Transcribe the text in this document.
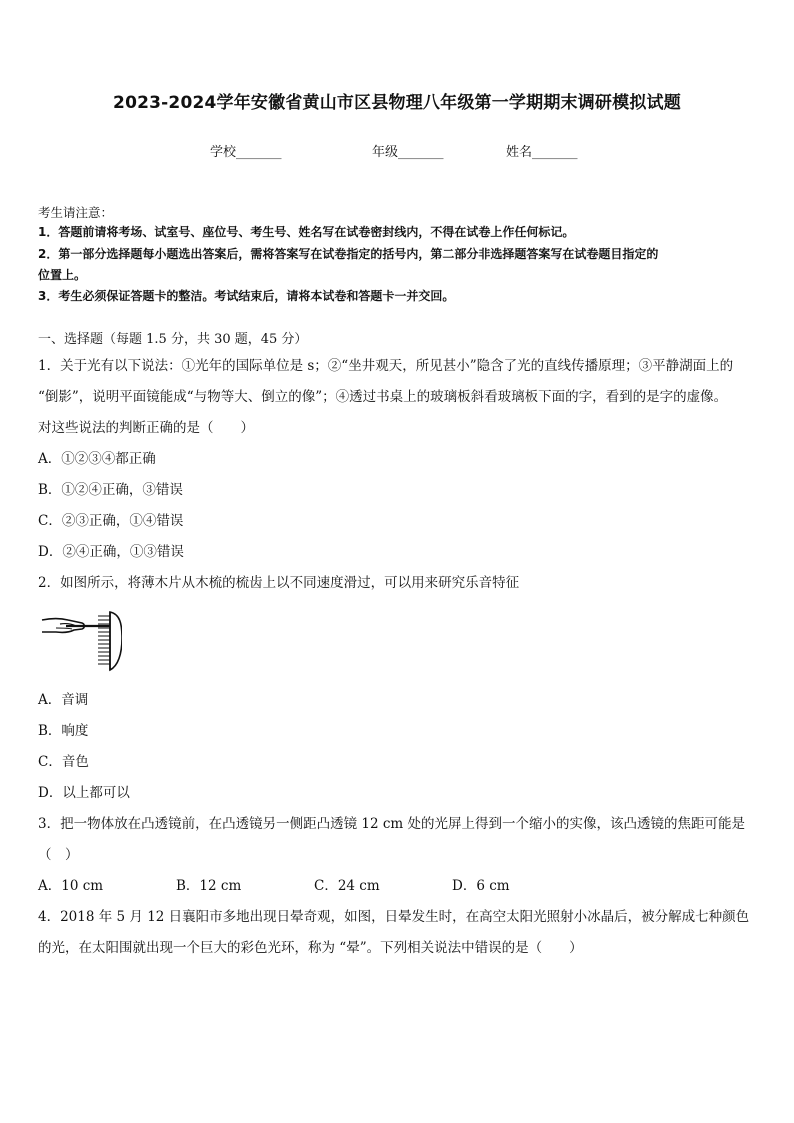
2023-2024学年安徽省黄山市区县物理八年级第一学期期末调研模拟试题
学校_______	年级_______	姓名_______
考生请注意：
1．答题前请将考场、试室号、座位号、考生号、姓名写在试卷密封线内，不得在试卷上作任何标记。
2．第一部分选择题每小题选出答案后，需将答案写在试卷指定的括号内，第二部分非选择题答案写在试卷题目指定的
位置上。
3．考生必须保证答题卡的整洁。考试结束后，请将本试卷和答题卡一并交回。
一、选择题（每题 1.5 分，共 30 题，45 分）
1．关于光有以下说法：①光年的国际单位是 s；②“坐井观天，所见甚小”隐含了光的直线传播原理；③平静湖面上的
“倒影”，说明平面镜能成“与物等大、倒立的像”；④透过书桌上的玻璃板斜看玻璃板下面的字，看到的是字的虚像。
对这些说法的判断正确的是（　　）
A．①②③④都正确
B．①②④正确，③错误
C．②③正确，①④错误
D．②④正确，①③错误
2．如图所示，将薄木片从木梳的梳齿上以不同速度滑过，可以用来研究乐音特征
A．音调
B．响度
C．音色
D．以上都可以
3．把一物体放在凸透镜前，在凸透镜另一侧距凸透镜 12 cm 处的光屏上得到一个缩小的实像，该凸透镜的焦距可能是
（　）
A．10 cm	B．12 cm	C．24 cm	D．6 cm
4．2018 年 5 月 12 日襄阳市多地出现日晕奇观，如图，日晕发生时，在高空太阳光照射小冰晶后，被分解成七种颜色
的光，在太阳围就出现一个巨大的彩色光环，称为 “晕”。下列相关说法中错误的是（　　）
